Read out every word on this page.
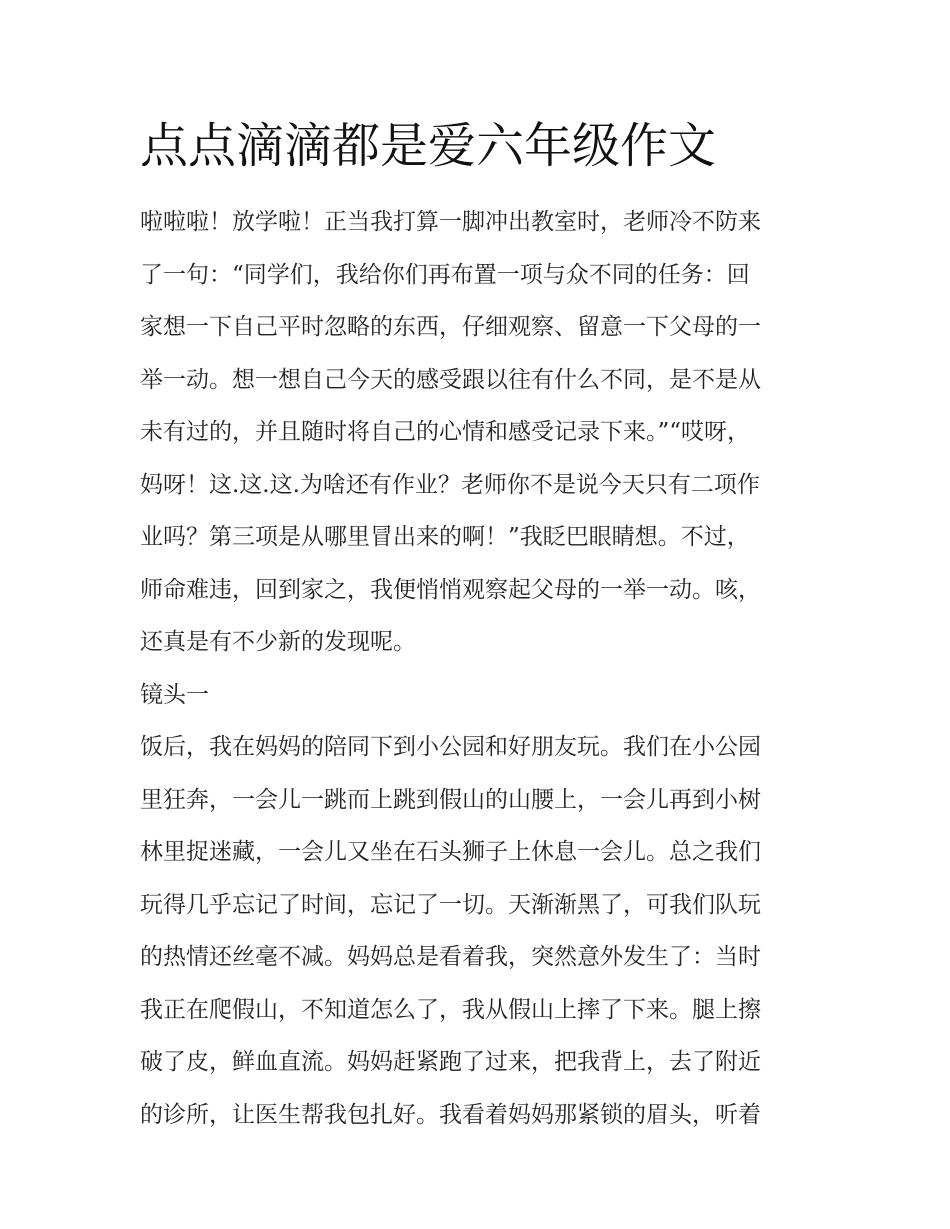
点点滴滴都是爱六年级作文
啦啦啦！放学啦！正当我打算一脚冲出教室时，老师冷不防来
了一句：“同学们，我给你们再布置一项与众不同的任务：回
家想一下自己平时忽略的东西，仔细观察、留意一下父母的一
举一动。想一想自己今天的感受跟以往有什么不同，是不是从
未有过的，并且随时将自己的心情和感受记录下来。”“哎呀，
妈呀！这.这.这.为啥还有作业？老师你不是说今天只有二项作
业吗？第三项是从哪里冒出来的啊！”我眨巴眼睛想。不过，
师命难违，回到家之，我便悄悄观察起父母的一举一动。咳，
还真是有不少新的发现呢。
镜头一
饭后，我在妈妈的陪同下到小公园和好朋友玩。我们在小公园
里狂奔，一会儿一跳而上跳到假山的山腰上，一会儿再到小树
林里捉迷藏，一会儿又坐在石头狮子上休息一会儿。总之我们
玩得几乎忘记了时间，忘记了一切。天渐渐黑了，可我们队玩
的热情还丝毫不减。妈妈总是看着我，突然意外发生了：当时
我正在爬假山，不知道怎么了，我从假山上摔了下来。腿上擦
破了皮，鲜血直流。妈妈赶紧跑了过来，把我背上，去了附近
的诊所，让医生帮我包扎好。我看着妈妈那紧锁的眉头，听着
